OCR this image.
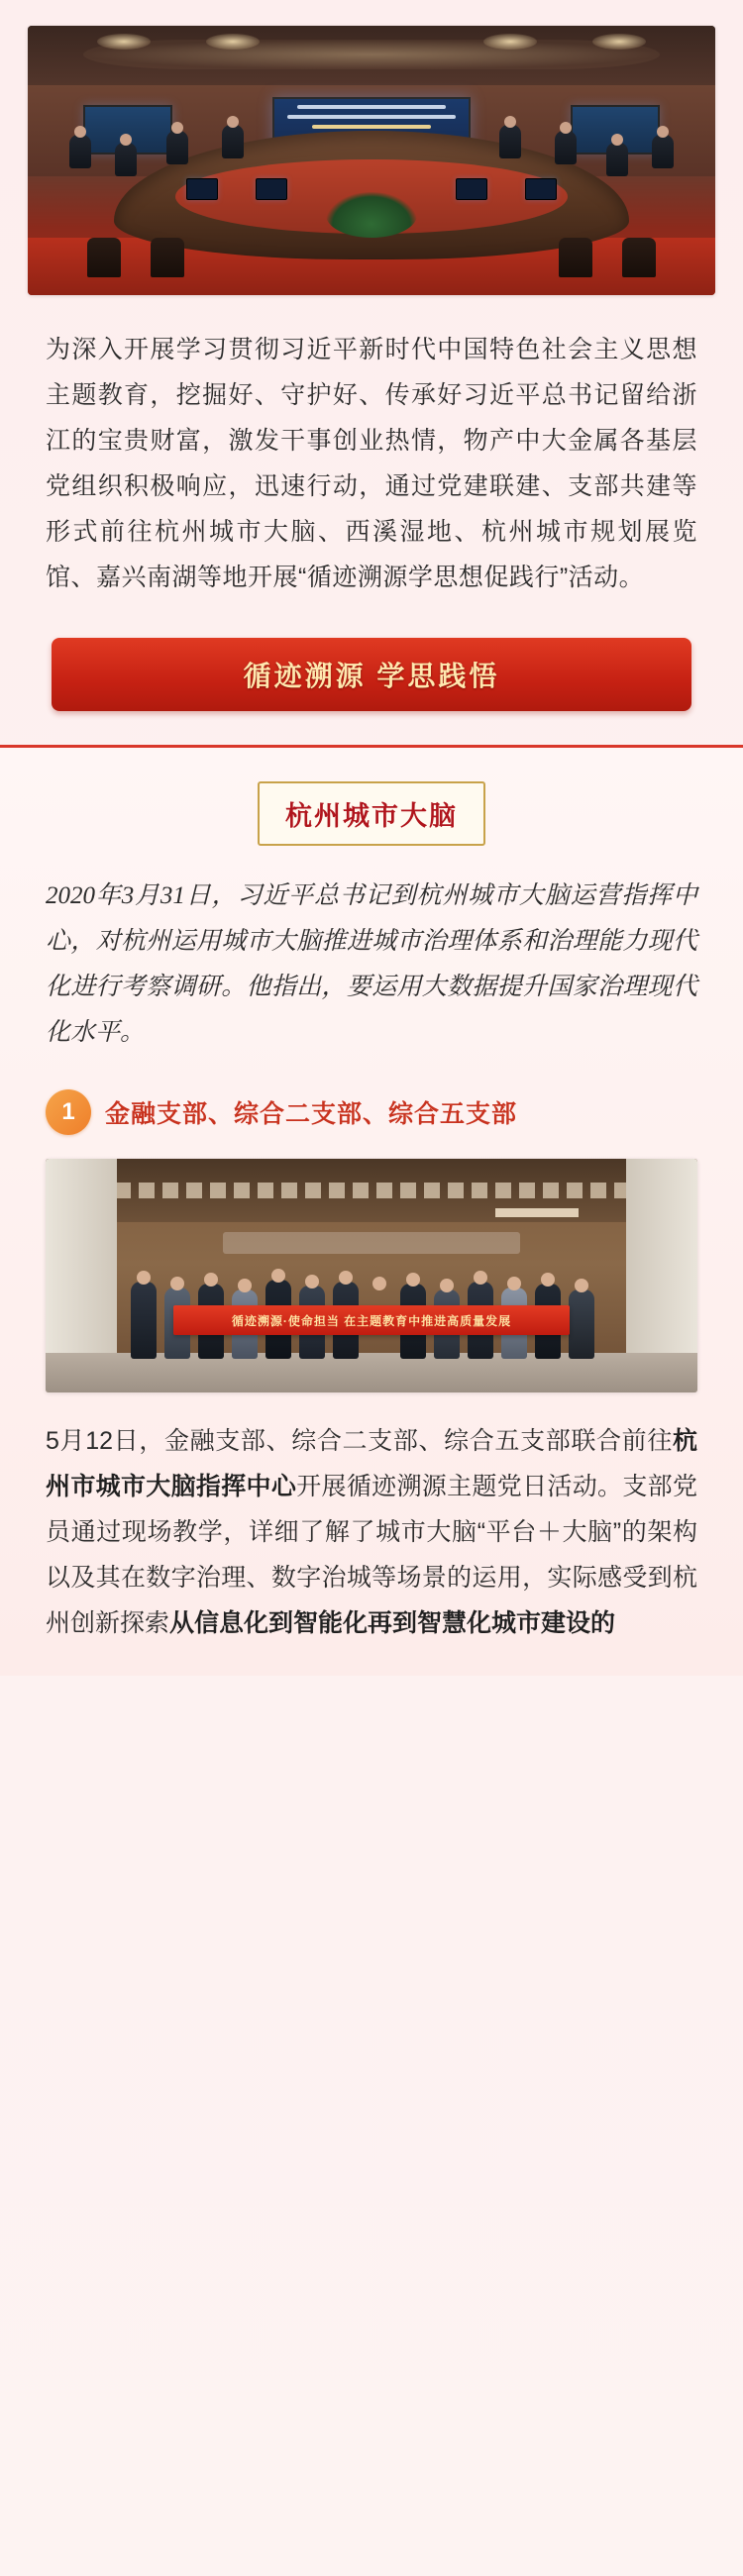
为深入开展学习贯彻习近平新时代中国特色社会主义思想主题教育，挖掘好、守护好、传承好习近平总书记留给浙江的宝贵财富，激发干事创业热情，物产中大金属各基层党组织积极响应，迅速行动，通过党建联建、支部共建等形式前往杭州城市大脑、西溪湿地、杭州城市规划展览馆、嘉兴南湖等地开展“循迹溯源学思想促践行”活动。

循迹溯源 学思践悟
杭州城市大脑

2020年3月31日，习近平总书记到杭州城市大脑运营指挥中心，对杭州运用城市大脑推进城市治理体系和治理能力现代化进行考察调研。他指出，要运用大数据提升国家治理现代化水平。

1	金融支部、综合二支部、综合五支部
循迹溯源·使命担当 在主题教育中推进高质量发展

5月12日，金融支部、综合二支部、综合五支部联合前往杭州市城市大脑指挥中心开展循迹溯源主题党日活动。支部党员通过现场教学，详细了解了城市大脑“平台＋大脑”的架构以及其在数字治理、数字治城等场景的运用，实际感受到杭州创新探索从信息化到智能化再到智慧化城市建设的
